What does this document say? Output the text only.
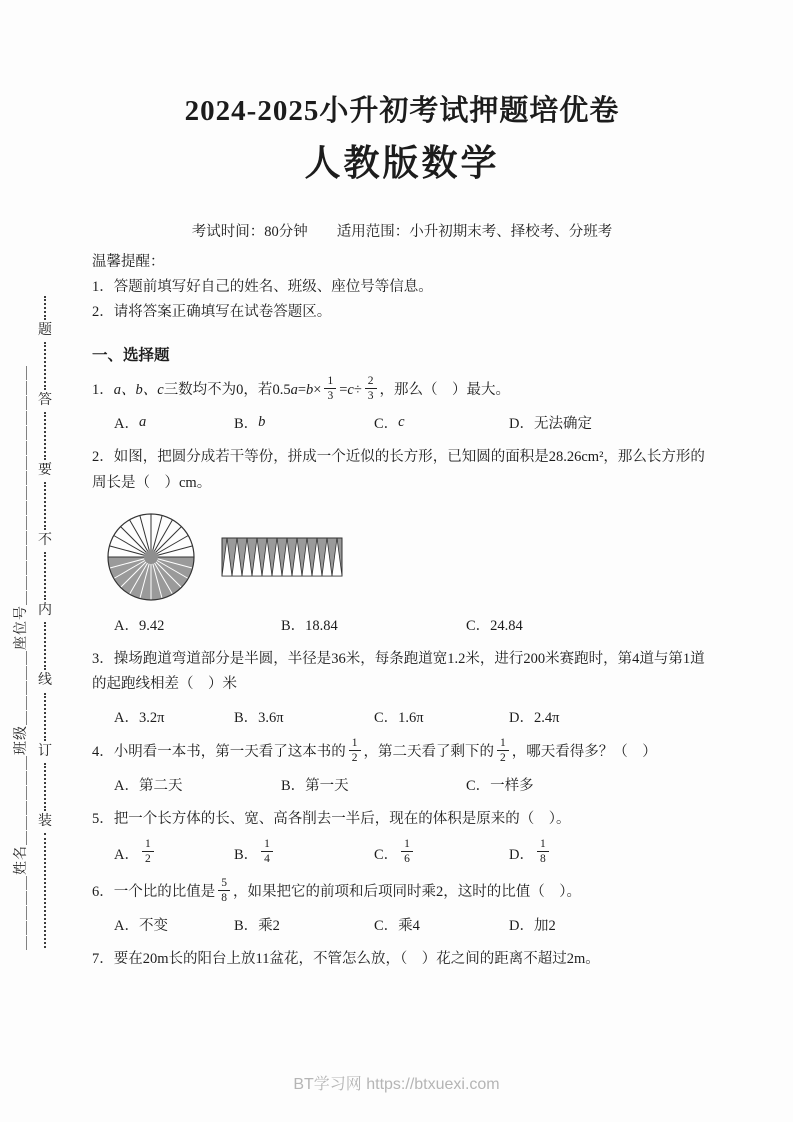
＿＿＿＿＿姓名＿＿＿＿＿＿班级＿＿＿＿＿座位号＿＿＿＿＿＿＿＿＿＿＿＿＿＿＿＿
题
答
要
不
内
线
订
装
2024-2025小升初考试押题培优卷
人教版数学

考试时间：80分钟　　适用范围：小升初期末考、择校考、分班考

温馨提醒：

1．答题前填写好自己的姓名、班级、座位号等信息。

2．请将答案正确填写在试卷答题区。

一、选择题

1．a、b、c三数均不为0，若$0.5a=b\times \frac{1}{3} =c\div \frac{2}{3}$ ，那么（　）最大。

A． a	B． b	C． c	D．无法确定

2．如图，把圆分成若干等份，拼成一个近似的长方形，已知圆的面积是28.26cm²，那么长方形的周长是（　）cm。

A．9.42	B．18.84	C．24.84

3．操场跑道弯道部分是半圆，半径是36米，每条跑道宽1.2米，进行200米赛跑时，第4道与第1道的起跑线相差（　）米

A．3.2π	B．3.6π	C．1.6π	D．2.4π

4．小明看一本书，第一天看了这本书的 $\frac{1}{2}$ ，第二天看了剩下的 $\frac{1}{2}$ ，哪天看得多？（　）

A．第二天	B．第一天	C．一样多

5．把一个长方体的长、宽、高各削去一半后，现在的体积是原来的（　）。

A． $\frac{1}{2}$	B． $\frac{1}{4}$	C． $\frac{1}{6}$	D． $\frac{1}{8}$

6．一个比的比值是 $\frac{5}{8}$ ，如果把它的前项和后项同时乘2，这时的比值（　）。

A．不变	B．乘2	C．乘4	D．加2

7．要在20m长的阳台上放11盆花，不管怎么放，（　）花之间的距离不超过2m。

BT学习网 https://btxuexi.com
